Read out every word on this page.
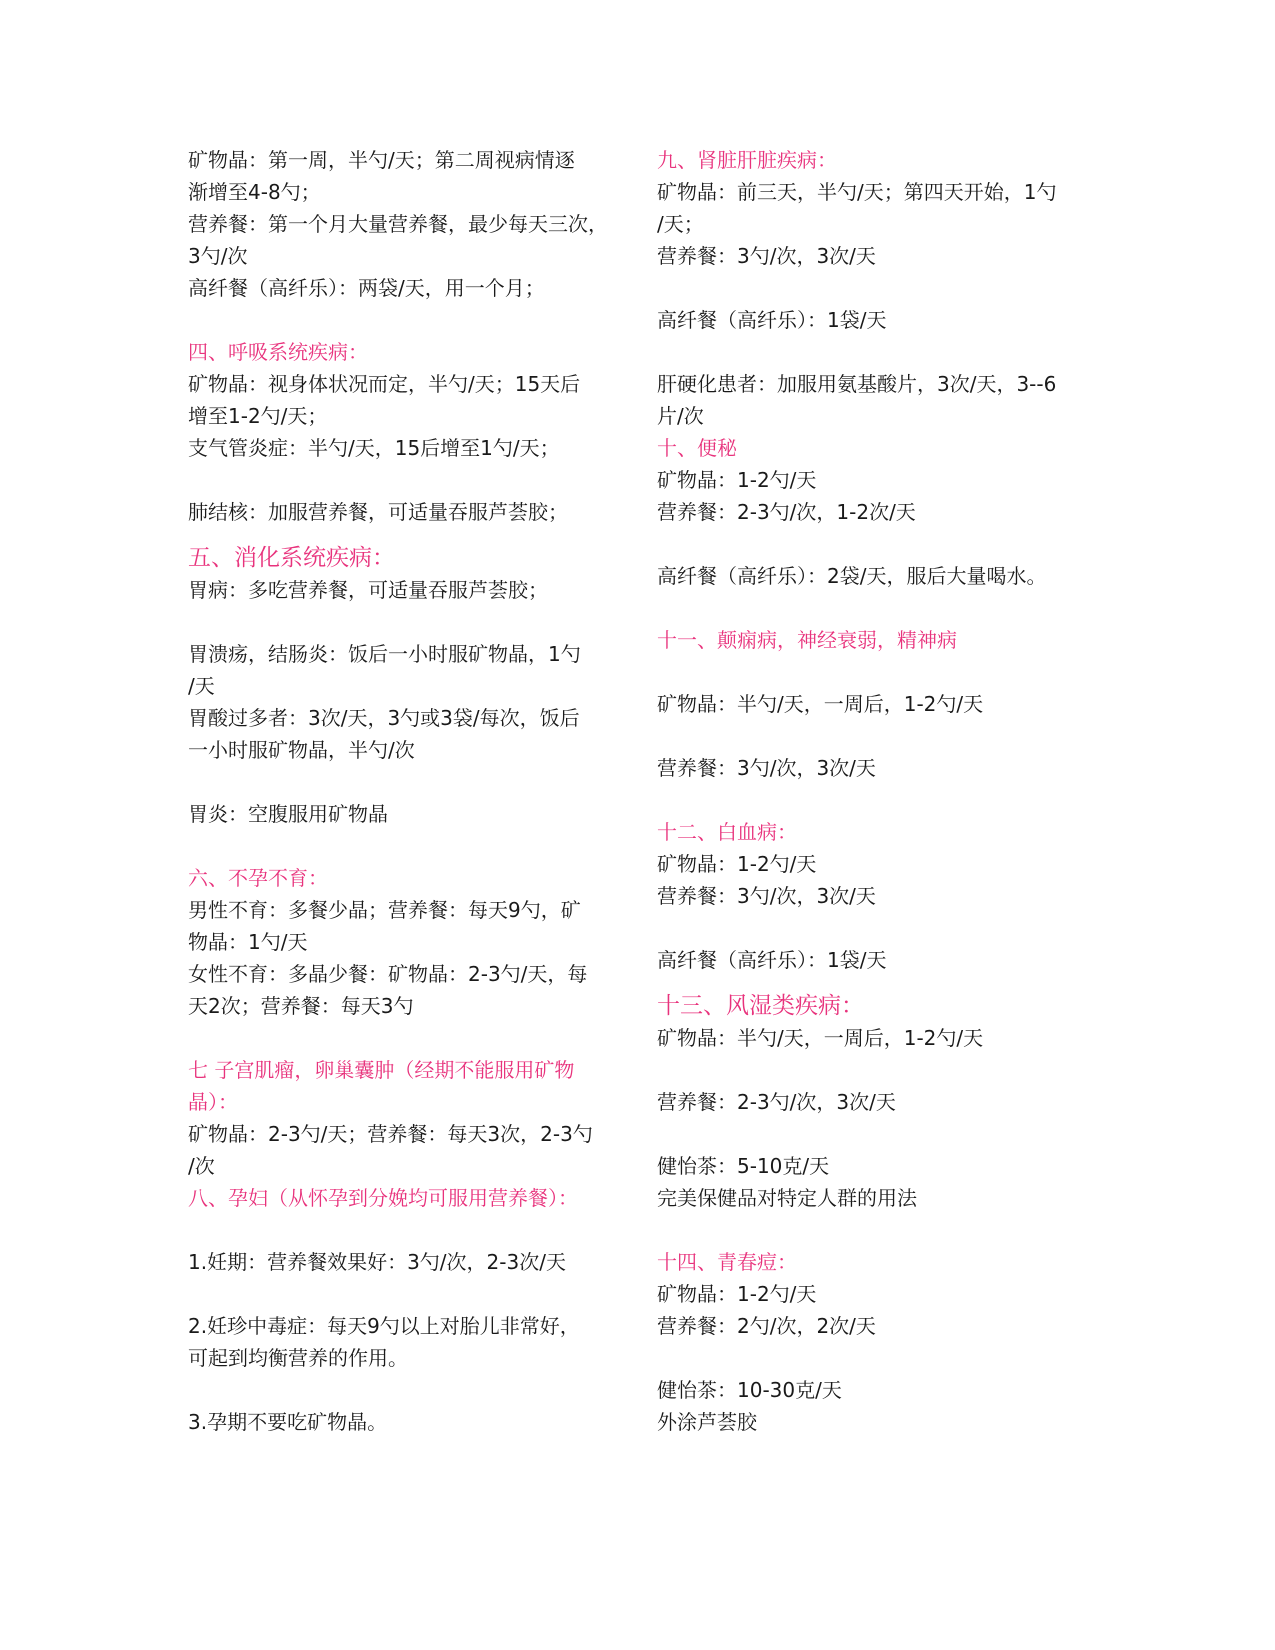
矿物晶：第一周，半勺/天；第二周视病情逐
渐增至4-8勺；
营养餐：第一个月大量营养餐，最少每天三次，
3勺/次
高纤餐（高纤乐）：两袋/天，用一个月；
四、呼吸系统疾病：
矿物晶：视身体状况而定，半勺/天；15天后
增至1-2勺/天；
支气管炎症：半勺/天，15后增至1勺/天；
肺结核：加服营养餐，可适量吞服芦荟胶；
五、消化系统疾病：
胃病：多吃营养餐，可适量吞服芦荟胶；
胃溃疡，结肠炎：饭后一小时服矿物晶，1勺
/天
胃酸过多者：3次/天，3勺或3袋/每次，饭后
一小时服矿物晶，半勺/次
胃炎：空腹服用矿物晶
六、不孕不育：
男性不育：多餐少晶；营养餐：每天9勺，矿
物晶：1勺/天
女性不育：多晶少餐：矿物晶：2-3勺/天，每
天2次；营养餐：每天3勺
七 子宫肌瘤，卵巢囊肿（经期不能服用矿物
晶）：
矿物晶：2-3勺/天；营养餐：每天3次，2-3勺
/次
八、孕妇（从怀孕到分娩均可服用营养餐）：
1.妊期：营养餐效果好：3勺/次，2-3次/天
2.妊珍中毒症：每天9勺以上对胎儿非常好，
可起到均衡营养的作用。
3.孕期不要吃矿物晶。
九、肾脏肝脏疾病：
矿物晶：前三天，半勺/天；第四天开始，1勺
/天；
营养餐：3勺/次，3次/天
高纤餐（高纤乐）：1袋/天
肝硬化患者：加服用氨基酸片，3次/天，3--6
片/次
十、便秘
矿物晶：1-2勺/天
营养餐：2-3勺/次，1-2次/天
高纤餐（高纤乐）：2袋/天，服后大量喝水。
十一、颠痫病，神经衰弱，精神病
矿物晶：半勺/天，一周后，1-2勺/天
营养餐：3勺/次，3次/天
十二、白血病：
矿物晶：1-2勺/天
营养餐：3勺/次，3次/天
高纤餐（高纤乐）：1袋/天
十三、风湿类疾病：
矿物晶：半勺/天，一周后，1-2勺/天
营养餐：2-3勺/次，3次/天
健怡茶：5-10克/天
完美保健品对特定人群的用法
十四、青春痘：
矿物晶：1-2勺/天
营养餐：2勺/次，2次/天
健怡茶：10-30克/天
外涂芦荟胶
